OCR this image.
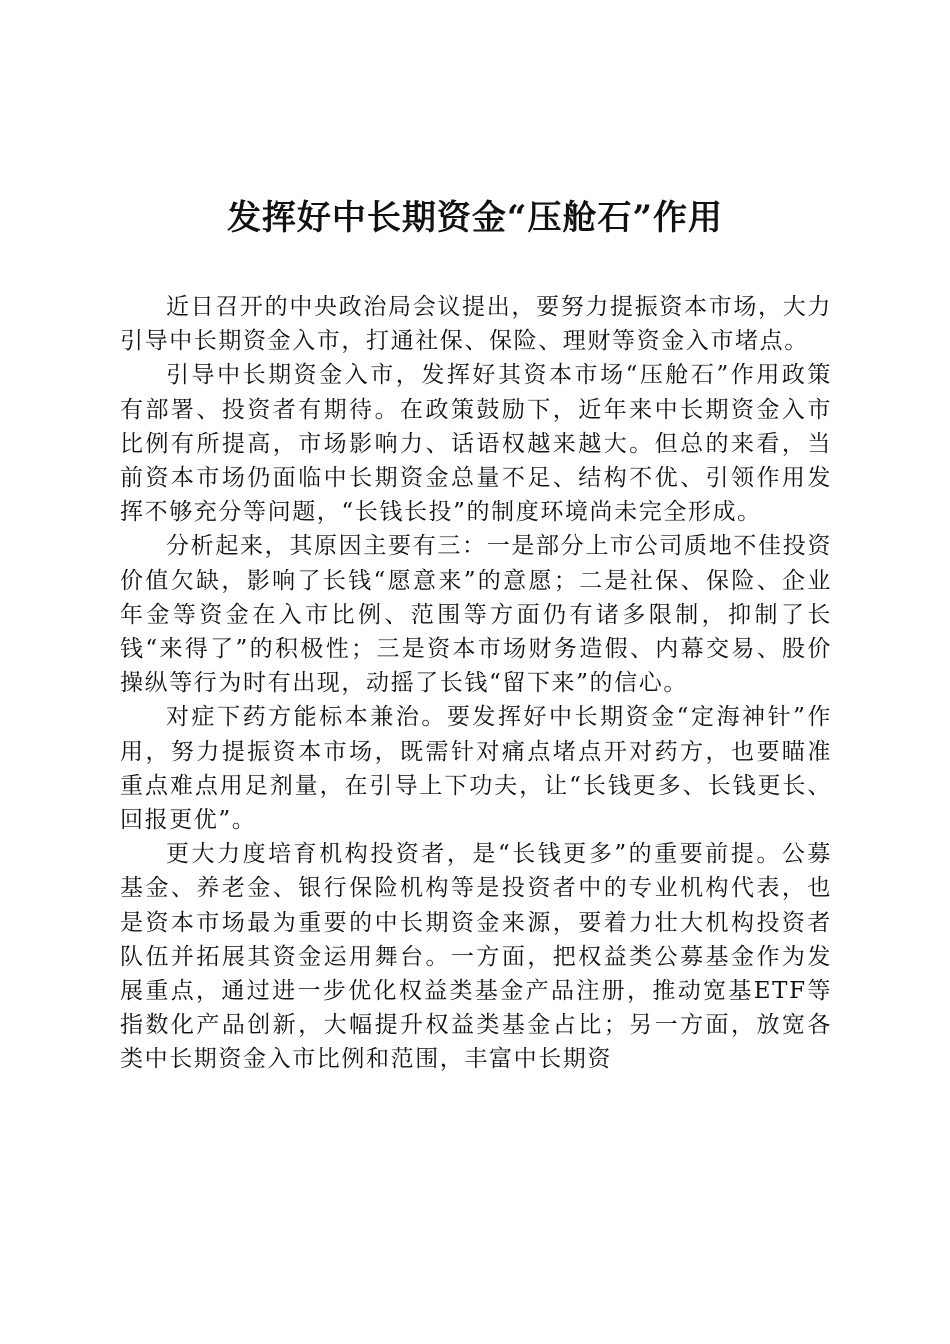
发挥好中长期资金“压舱石”作用

近日召开的中央政治局会议提出，要努力提振资本市场，大力引导中长期资金入市，打通社保、保险、理财等资金入市堵点。

引导中长期资金入市，发挥好其资本市场“压舱石”作用政策有部署、投资者有期待。在政策鼓励下，近年来中长期资金入市比例有所提高，市场影响力、话语权越来越大。但总的来看，当前资本市场仍面临中长期资金总量不足、结构不优、引领作用发挥不够充分等问题，“长钱长投”的制度环境尚未完全形成。

分析起来，其原因主要有三：一是部分上市公司质地不佳投资价值欠缺，影响了长钱“愿意来”的意愿；二是社保、保险、企业年金等资金在入市比例、范围等方面仍有诸多限制，抑制了长钱“来得了”的积极性；三是资本市场财务造假、内幕交易、股价操纵等行为时有出现，动摇了长钱“留下来”的信心。

对症下药方能标本兼治。要发挥好中长期资金“定海神针”作用，努力提振资本市场，既需针对痛点堵点开对药方，也要瞄准重点难点用足剂量，在引导上下功夫，让“长钱更多、长钱更长、回报更优”。

更大力度培育机构投资者，是“长钱更多”的重要前提。公募基金、养老金、银行保险机构等是投资者中的专业机构代表，也是资本市场最为重要的中长期资金来源，要着力壮大机构投资者队伍并拓展其资金运用舞台。一方面，把权益类公募基金作为发展重点，通过进一步优化权益类基金产品注册，推动宽基ETF等指数化产品创新，大幅提升权益类基金占比；另一方面，放宽各类中长期资金入市比例和范围，丰富中长期资
